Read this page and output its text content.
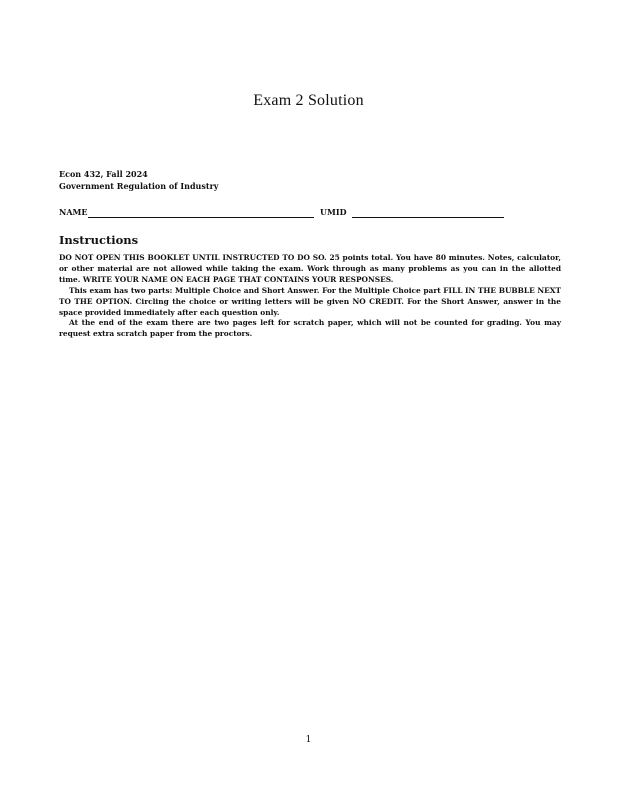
Exam 2 Solution
Econ 432, Fall 2024
Government Regulation of Industry
NAME	UMID
Instructions

DO NOT OPEN THIS BOOKLET UNTIL INSTRUCTED TO DO SO. 25 points total. You have 80 minutes. Notes, calculator, or other material are not allowed while taking the exam. Work through as many problems as you can in the allotted time. WRITE YOUR NAME ON EACH PAGE THAT CONTAINS YOUR RESPONSES.

This exam has two parts: Multiple Choice and Short Answer. For the Multiple Choice part FILL IN THE BUBBLE NEXT TO THE OPTION. Circling the choice or writing letters will be given NO CREDIT. For the Short Answer, answer in the space provided immediately after each question only.

At the end of the exam there are two pages left for scratch paper, which will not be counted for grading. You may request extra scratch paper from the proctors.

1
